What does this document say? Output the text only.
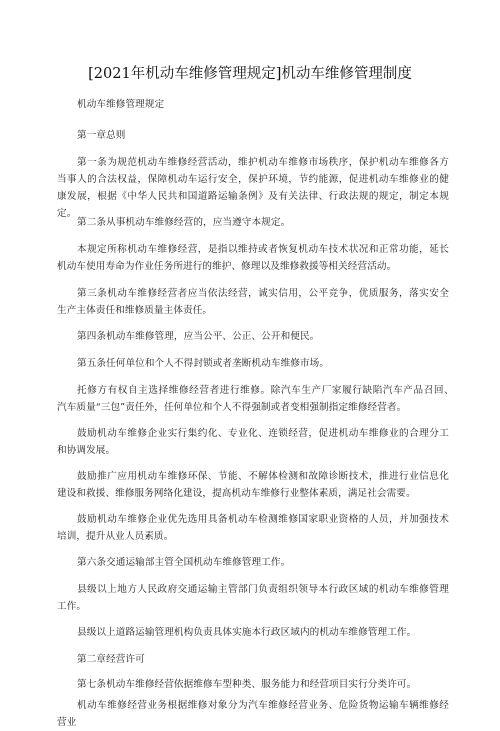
[2021年机动车维修管理规定]机动车维修管理制度

机动车维修管理规定

第一章总则

第一条为规范机动车维修经营活动，维护机动车维修市场秩序，保护机动车维修各方　当事人的合法权益，保障机动车运行安全，保护环境，节约能源，促进机动车维修业的健　康发展，根据《中华人民共和国道路运输条例》及有关法律、行政法规的规定，制定本规　定。

第二条从事机动车维修经营的，应当遵守本规定。

本规定所称机动车维修经营，是指以维持或者恢复机动车技术状况和正常功能，延长　机动车使用寿命为作业任务所进行的维护、修理以及维修救援等相关经营活动。

第三条机动车维修经营者应当依法经营，诚实信用，公平竞争，优质服务，落实安全　生产主体责任和维修质量主体责任。

第四条机动车维修管理，应当公平、公正、公开和便民。

第五条任何单位和个人不得封锁或者垄断机动车维修市场。

托修方有权自主选择维修经营者进行维修。除汽车生产厂家履行缺陷汽车产品召回、　汽车质量“三包”责任外，任何单位和个人不得强制或者变相强制指定维修经营者。

鼓励机动车维修企业实行集约化、专业化、连锁经营，促进机动车维修业的合理分工　和协调发展。

鼓励推广应用机动车维修环保、节能、不解体检测和故障诊断技术，推进行业信息化　建设和救援、维修服务网络化建设，提高机动车维修行业整体素质，满足社会需要。

鼓励机动车维修企业优先选用具备机动车检测维修国家职业资格的人员，并加强技术　培训，提升从业人员素质。

第六条交通运输部主管全国机动车维修管理工作。

县级以上地方人民政府交通运输主管部门负责组织领导本行政区域的机动车维修管理　　工作。

县级以上道路运输管理机构负责具体实施本行政区域内的机动车维修管理工作。

第二章经营许可

第七条机动车维修经营依据维修车型种类、服务能力和经营项目实行分类许可。

机动车维修经营业务根据维修对象分为汽车维修经营业务、危险货物运输车辆维修经　营业
